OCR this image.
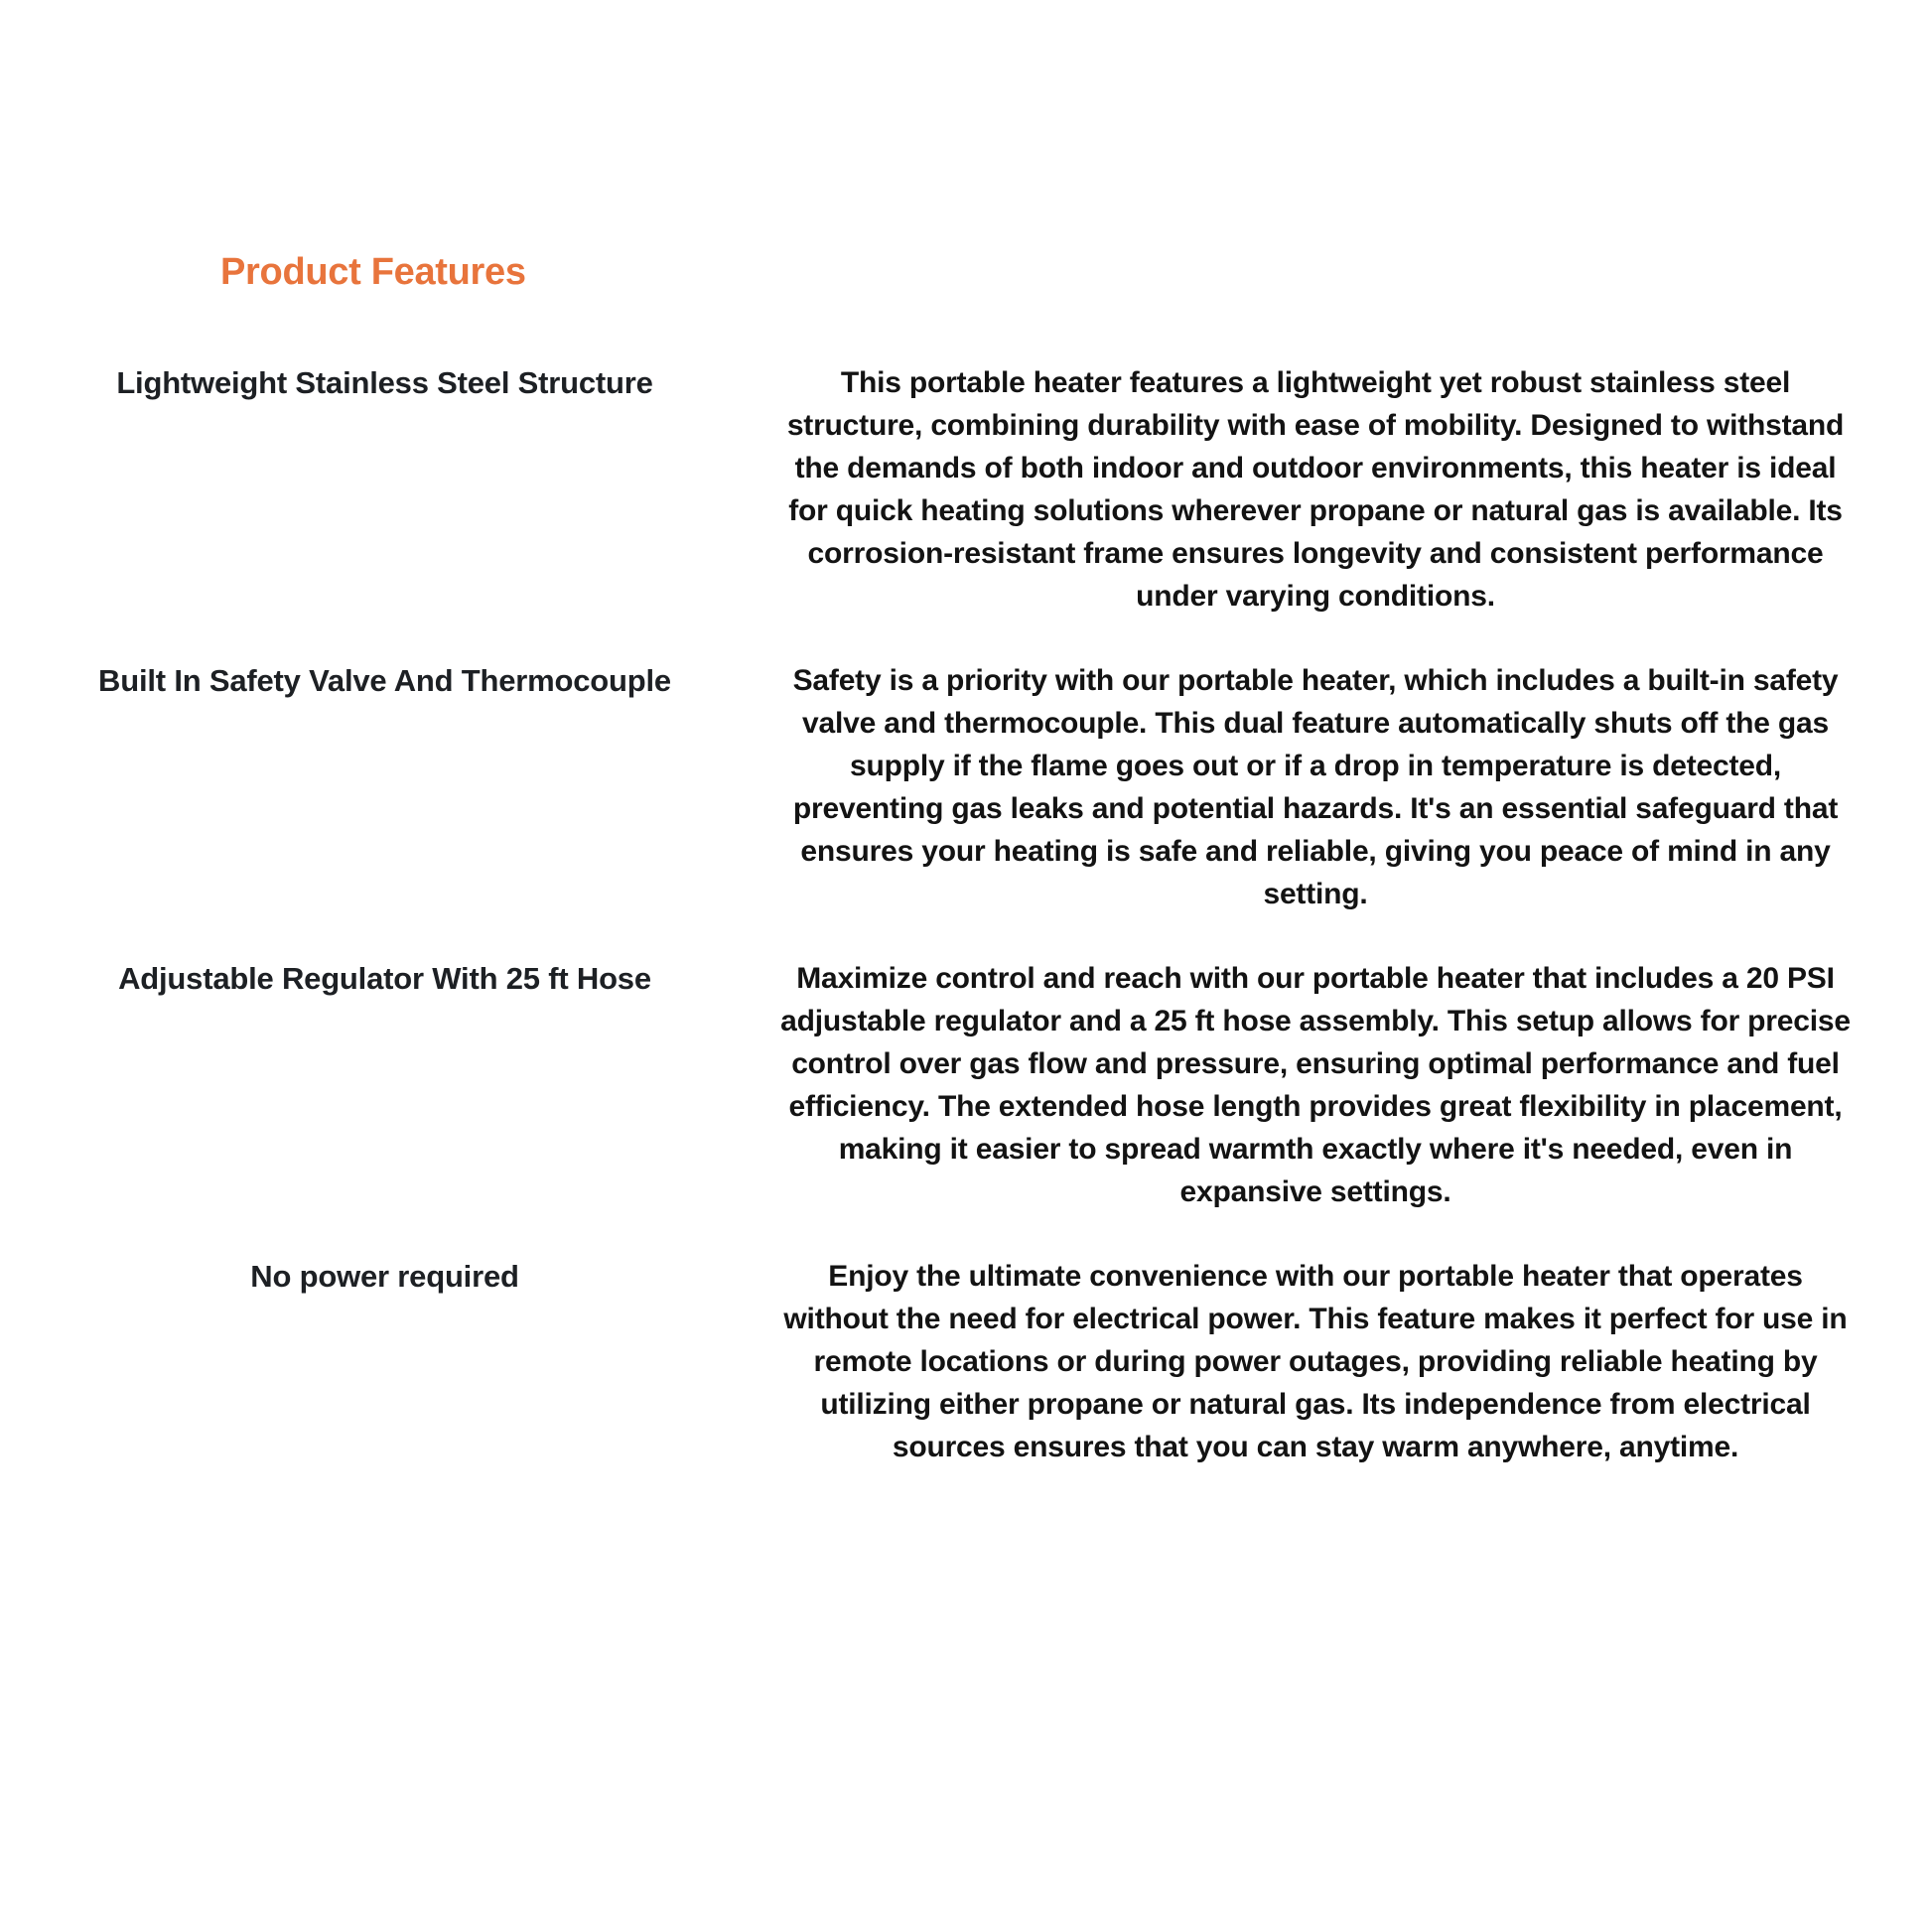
Product Features
Lightweight Stainless Steel Structure	This portable heater features a lightweight yet robust stainless steel structure, combining durability with ease of mobility. Designed to withstand the demands of both indoor and outdoor environments, this heater is ideal for quick heating solutions wherever propane or natural gas is available. Its corrosion-resistant frame ensures longevity and consistent performance under varying conditions.
Built In Safety Valve And Thermocouple	Safety is a priority with our portable heater, which includes a built-in safety valve and thermocouple. This dual feature automatically shuts off the gas supply if the flame goes out or if a drop in temperature is detected, preventing gas leaks and potential hazards. It's an essential safeguard that ensures your heating is safe and reliable, giving you peace of mind in any setting.
Adjustable Regulator With 25 ft Hose	Maximize control and reach with our portable heater that includes a 20 PSI adjustable regulator and a 25 ft hose assembly. This setup allows for precise control over gas flow and pressure, ensuring optimal performance and fuel efficiency. The extended hose length provides great flexibility in placement, making it easier to spread warmth exactly where it's needed, even in expansive settings.
No power required	Enjoy the ultimate convenience with our portable heater that operates without the need for electrical power. This feature makes it perfect for use in remote locations or during power outages, providing reliable heating by utilizing either propane or natural gas. Its independence from electrical sources ensures that you can stay warm anywhere, anytime.
